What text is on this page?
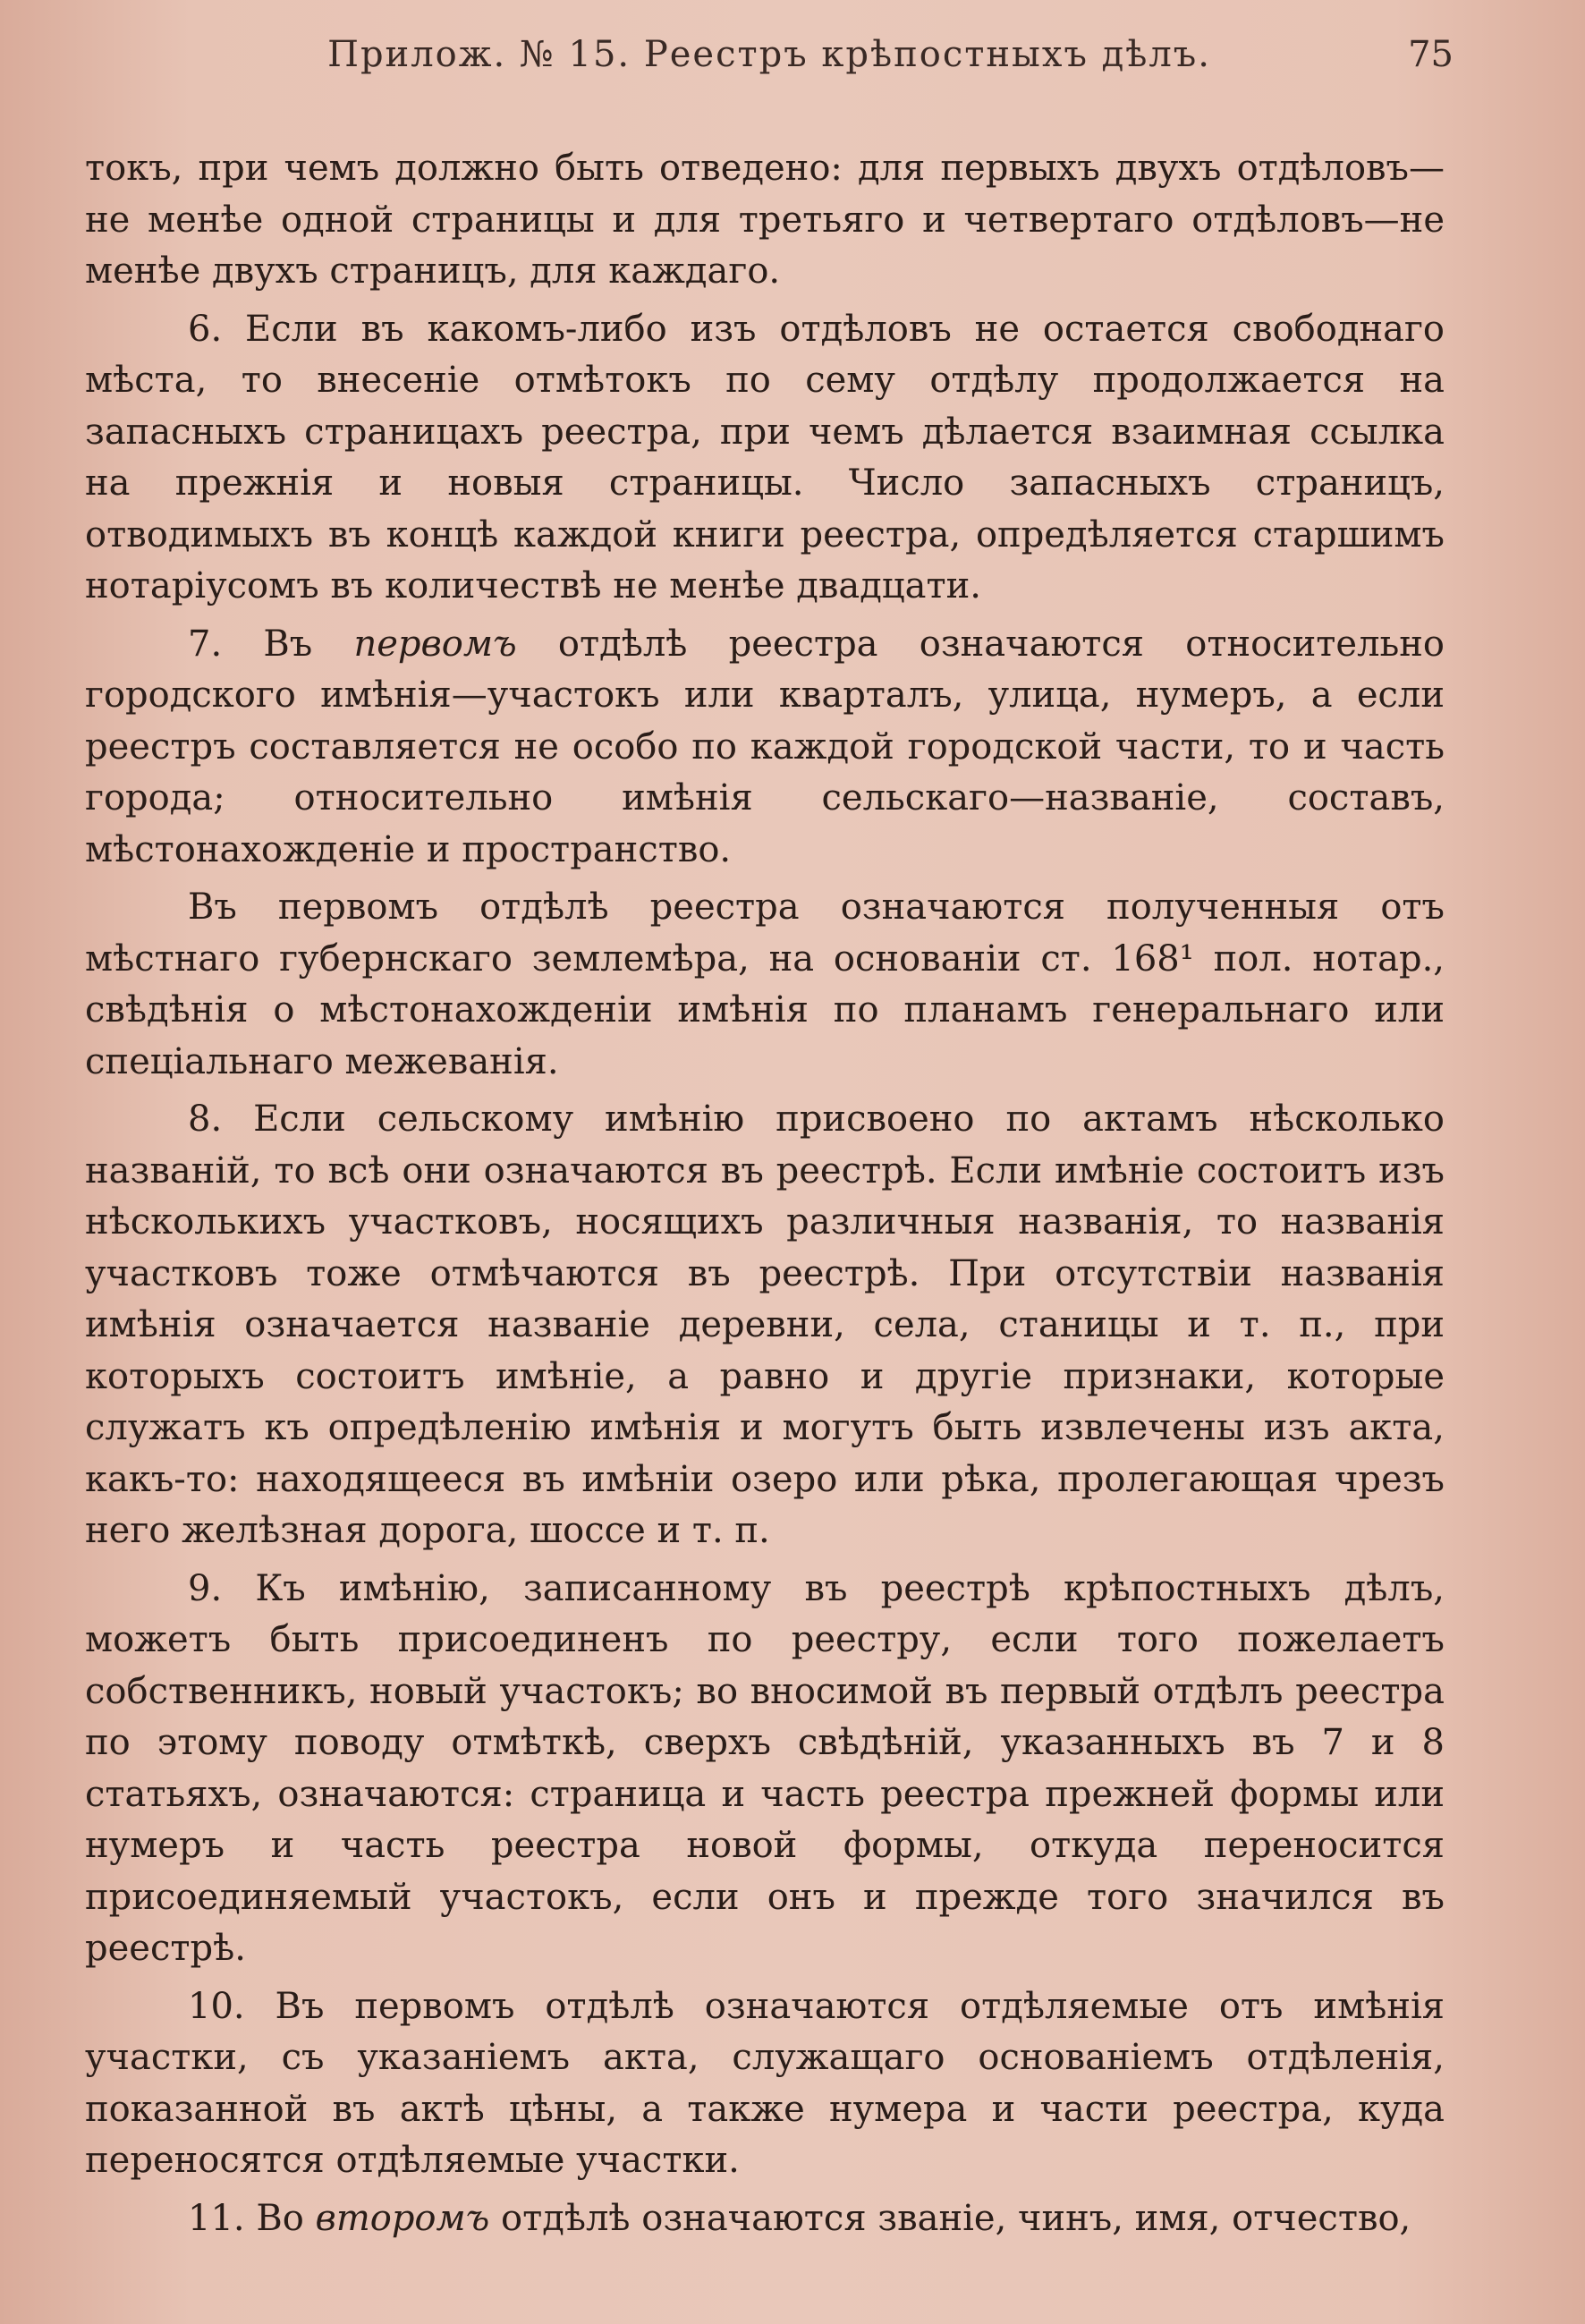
Прилож. № 15. Реестръ крѣпостныхъ дѣлъ.	75

токъ, при чемъ должно быть отведено: для первыхъ двухъ отдѣловъ—не менѣе одной страницы и для третьяго и четвертаго отдѣловъ—не менѣе двухъ страницъ, для каждаго.

6. Если въ какомъ-либо изъ отдѣловъ не остается свободнаго мѣста, то внесеніе отмѣтокъ по сему отдѣлу продолжается на запасныхъ страницахъ реестра, при чемъ дѣлается взаимная ссылка на прежнія и новыя страницы. Число запасныхъ страницъ, отводимыхъ въ концѣ каждой книги реестра, опредѣляется старшимъ нотаріусомъ въ количествѣ не менѣе двадцати.

7. Въ первомъ отдѣлѣ реестра означаются относительно городского имѣнія—участокъ или кварталъ, улица, нумеръ, а если реестръ составляется не особо по каждой городской части, то и часть города; относительно имѣнія сельскаго—названіе, составъ, мѣстонахожденіе и пространство.

Въ первомъ отдѣлѣ реестра означаются полученныя отъ мѣстнаго губернскаго землемѣра, на основаніи ст. 168¹ пол. нотар., свѣдѣнія о мѣстонахожденіи имѣнія по планамъ генеральнаго или спеціальнаго межеванія.

8. Если сельскому имѣнію присвоено по актамъ нѣсколько названій, то всѣ они означаются въ реестрѣ. Если имѣніе состоитъ изъ нѣсколькихъ участковъ, носящихъ различныя названія, то названія участковъ тоже отмѣчаются въ реестрѣ. При отсутствіи названія имѣнія означается названіе деревни, села, станицы и т. п., при которыхъ состоитъ имѣніе, а равно и другіе признаки, которые служатъ къ опредѣленію имѣнія и могутъ быть извлечены изъ акта, какъ-то: находящееся въ имѣніи озеро или рѣка, пролегающая чрезъ него желѣзная дорога, шоссе и т. п.

9. Къ имѣнію, записанному въ реестрѣ крѣпостныхъ дѣлъ, можетъ быть присоединенъ по реестру, если того пожелаетъ собственникъ, новый участокъ; во вносимой въ первый отдѣлъ реестра по этому поводу отмѣткѣ, сверхъ свѣдѣній, указанныхъ въ 7 и 8 статьяхъ, означаются: страница и часть реестра прежней формы или нумеръ и часть реестра новой формы, откуда переносится присоединяемый участокъ, если онъ и прежде того значился въ реестрѣ.

10. Въ первомъ отдѣлѣ означаются отдѣляемые отъ имѣнія участки, съ указаніемъ акта, служащаго основаніемъ отдѣленія, показанной въ актѣ цѣны, а также нумера и части реестра, куда переносятся отдѣляемые участки.

11. Во второмъ отдѣлѣ означаются званіе, чинъ, имя, отчество,
